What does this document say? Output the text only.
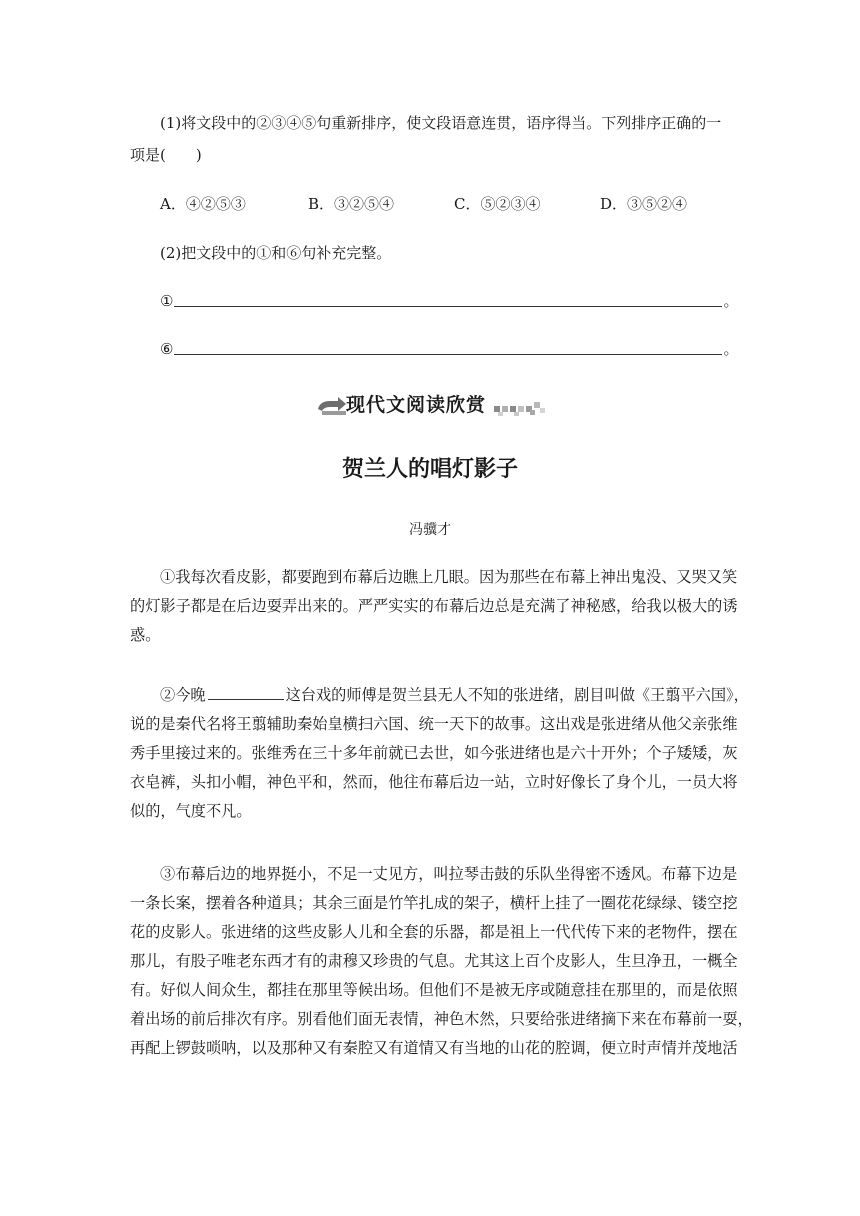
(1)将文段中的②③④⑤句重新排序，使文段语意连贯，语序得当。下列排序正确的一
项是(　　)
A．④②⑤③	B．③②⑤④	C．⑤②③④	D．③⑤②④
(2)把文段中的①和⑥句补充完整。
①	。
⑥	。
现代文阅读欣赏
贺兰人的唱灯影子
冯骥才
①我每次看皮影，都要跑到布幕后边瞧上几眼。因为那些在布幕上神出鬼没、又哭又笑
的灯影子都是在后边耍弄出来的。严严实实的布幕后边总是充满了神秘感，给我以极大的诱
惑。
②今晚	这台戏的师傅是贺兰县无人不知的张进绪，剧目叫做《王翦平六国》，
说的是秦代名将王翦辅助秦始皇横扫六国、统一天下的故事。这出戏是张进绪从他父亲张维
秀手里接过来的。张维秀在三十多年前就已去世，如今张进绪也是六十开外；个子矮矮，灰
衣皂裤，头扣小帽，神色平和，然而，他往布幕后边一站，立时好像长了身个儿，一员大将
似的，气度不凡。
③布幕后边的地界挺小，不足一丈见方，叫拉琴击鼓的乐队坐得密不透风。布幕下边是
一条长案，摆着各种道具；其余三面是竹竿扎成的架子，横杆上挂了一圈花花绿绿、镂空挖
花的皮影人。张进绪的这些皮影人儿和全套的乐器，都是祖上一代代传下来的老物件，摆在
那儿，有股子唯老东西才有的肃穆又珍贵的气息。尤其这上百个皮影人，生旦净丑，一概全
有。好似人间众生，都挂在那里等候出场。但他们不是被无序或随意挂在那里的，而是依照
着出场的前后排次有序。别看他们面无表情，神色木然，只要给张进绪摘下来在布幕前一耍，
再配上锣鼓唢呐，以及那种又有秦腔又有道情又有当地的山花的腔调，便立时声情并茂地活
